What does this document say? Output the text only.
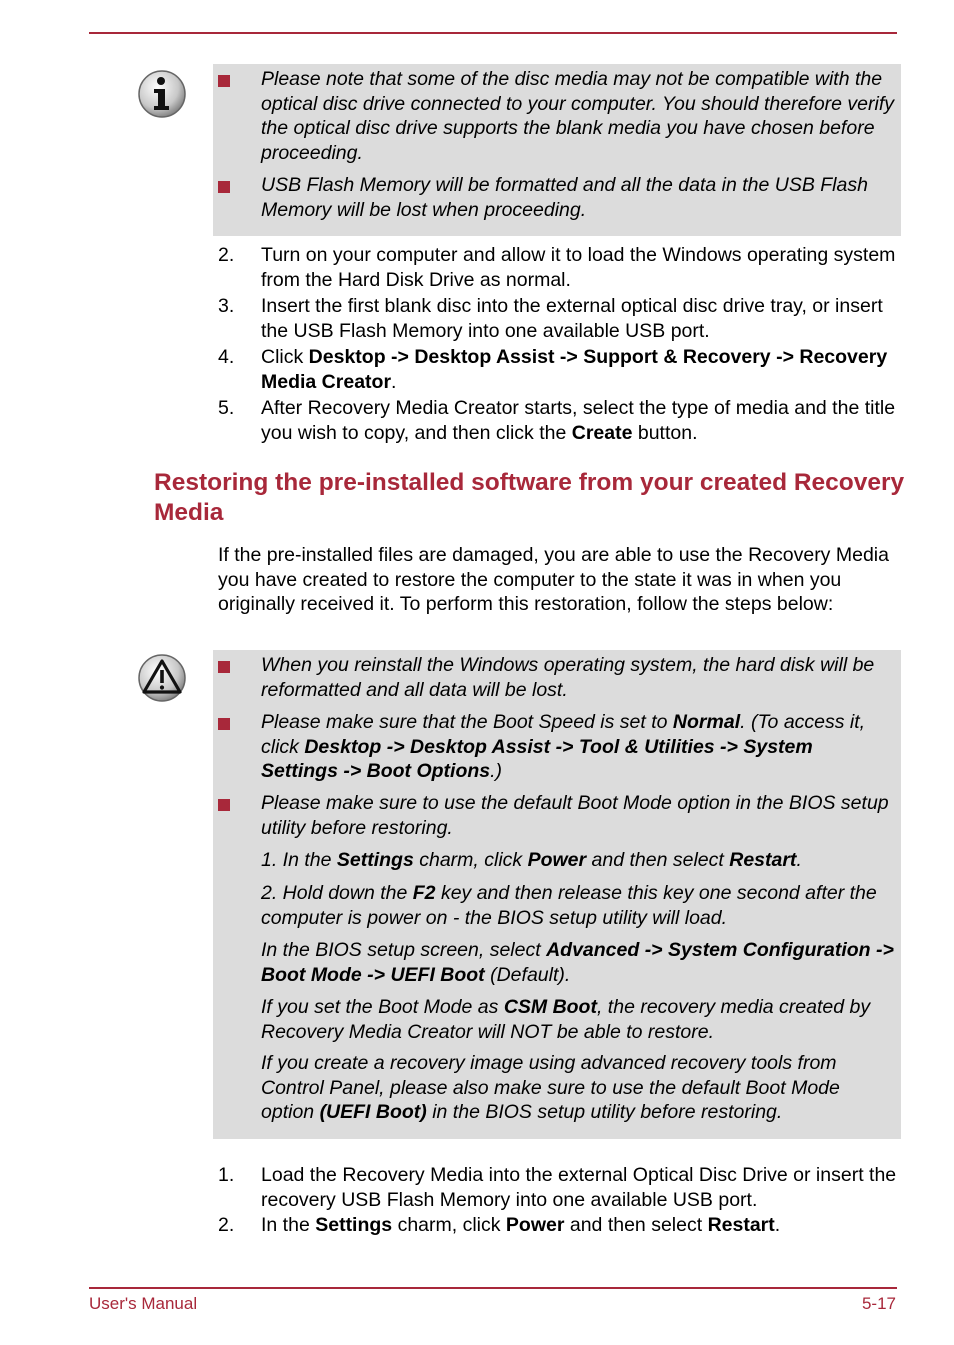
Please note that some of the disc media may not be compatible with the optical disc drive connected to your computer. You should therefore verify the optical disc drive supports the blank media you have chosen before proceeding.
USB Flash Memory will be formatted and all the data in the USB Flash Memory will be lost when proceeding.
2. Turn on your computer and allow it to load the Windows operating system from the Hard Disk Drive as normal.
3. Insert the first blank disc into the external optical disc drive tray, or insert the USB Flash Memory into one available USB port.
4. Click Desktop -> Desktop Assist -> Support & Recovery -> Recovery Media Creator.
5. After Recovery Media Creator starts, select the type of media and the title you wish to copy, and then click the Create button.
Restoring the pre-installed software from your created Recovery Media
If the pre-installed files are damaged, you are able to use the Recovery Media you have created to restore the computer to the state it was in when you originally received it. To perform this restoration, follow the steps below:
When you reinstall the Windows operating system, the hard disk will be reformatted and all data will be lost.
Please make sure that the Boot Speed is set to Normal. (To access it, click Desktop -> Desktop Assist -> Tool & Utilities -> System Settings -> Boot Options.)
Please make sure to use the default Boot Mode option in the BIOS setup utility before restoring.
1. In the Settings charm, click Power and then select Restart.
2. Hold down the F2 key and then release this key one second after the computer is power on - the BIOS setup utility will load.
In the BIOS setup screen, select Advanced -> System Configuration -> Boot Mode -> UEFI Boot (Default).
If you set the Boot Mode as CSM Boot, the recovery media created by Recovery Media Creator will NOT be able to restore.
If you create a recovery image using advanced recovery tools from Control Panel, please also make sure to use the default Boot Mode option (UEFI Boot) in the BIOS setup utility before restoring.
1. Load the Recovery Media into the external Optical Disc Drive or insert the recovery USB Flash Memory into one available USB port.
2. In the Settings charm, click Power and then select Restart.
User's Manual	5-17
